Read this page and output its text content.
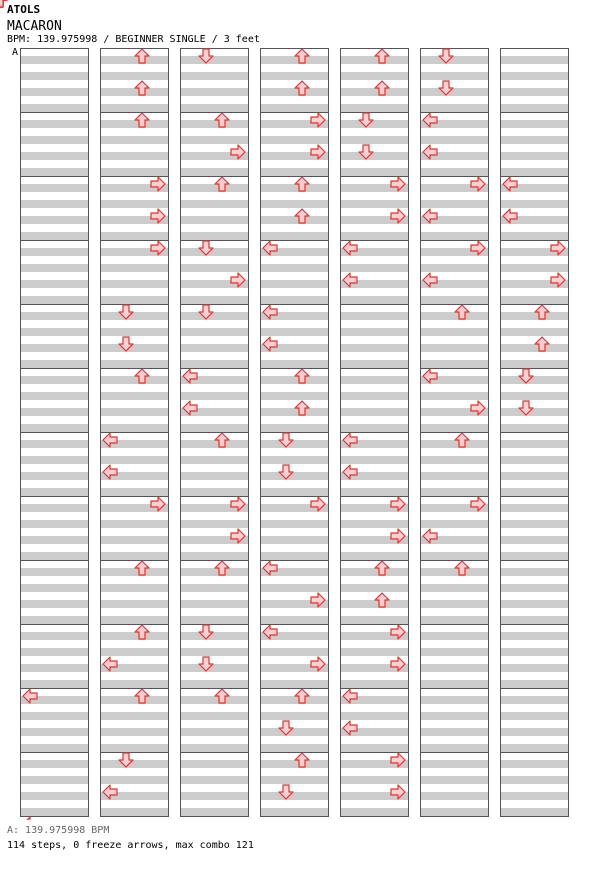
ATOLS
MACARON
BPM: 139.975998 / BEGINNER SINGLE / 3 feet
A
A: 139.975998 BPM
114 steps, 0 freeze arrows, max combo 121
